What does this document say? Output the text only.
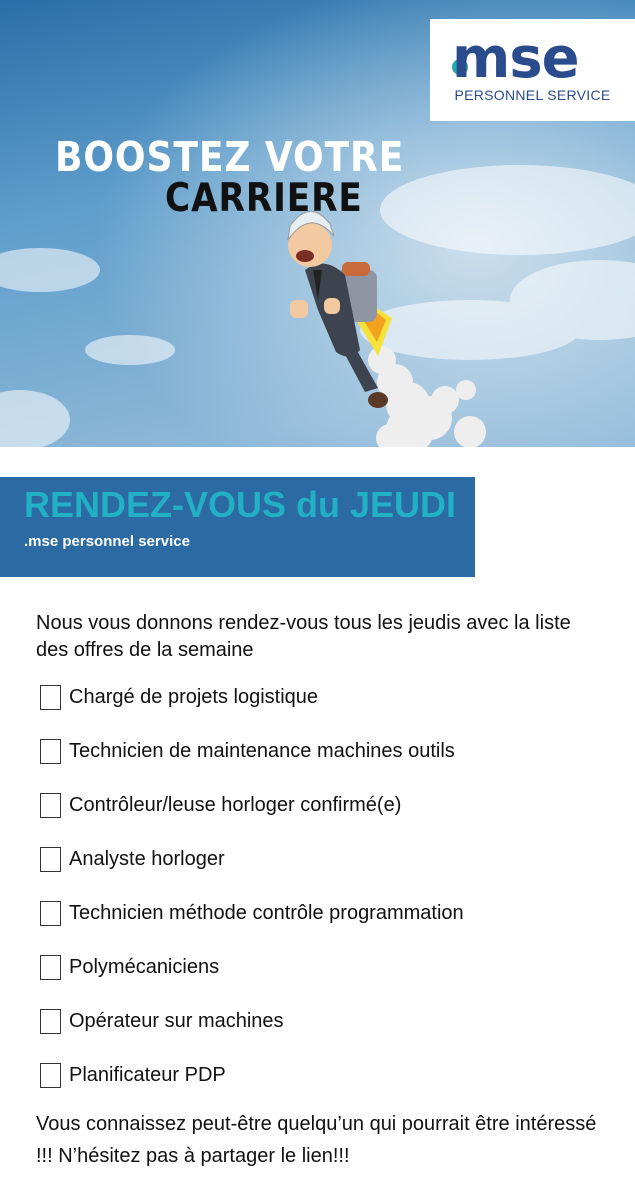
mse
PERSONNEL SERVICE
BOOSTEZ VOTRE
CARRIERE
RENDEZ-VOUS du JEUDI
.mse personnel service
Nous vous donnons rendez-vous tous les jeudis avec la liste des offres de la semaine
Chargé de projets logistique
Technicien de maintenance machines outils
Contrôleur/leuse horloger confirmé(e)
Analyste horloger
Technicien méthode contrôle programmation
Polymécaniciens
Opérateur sur machines
Planificateur PDP
Vous connaissez peut-être quelqu’un qui pourrait être intéressé !!! N’hésitez pas à partager le lien!!!
